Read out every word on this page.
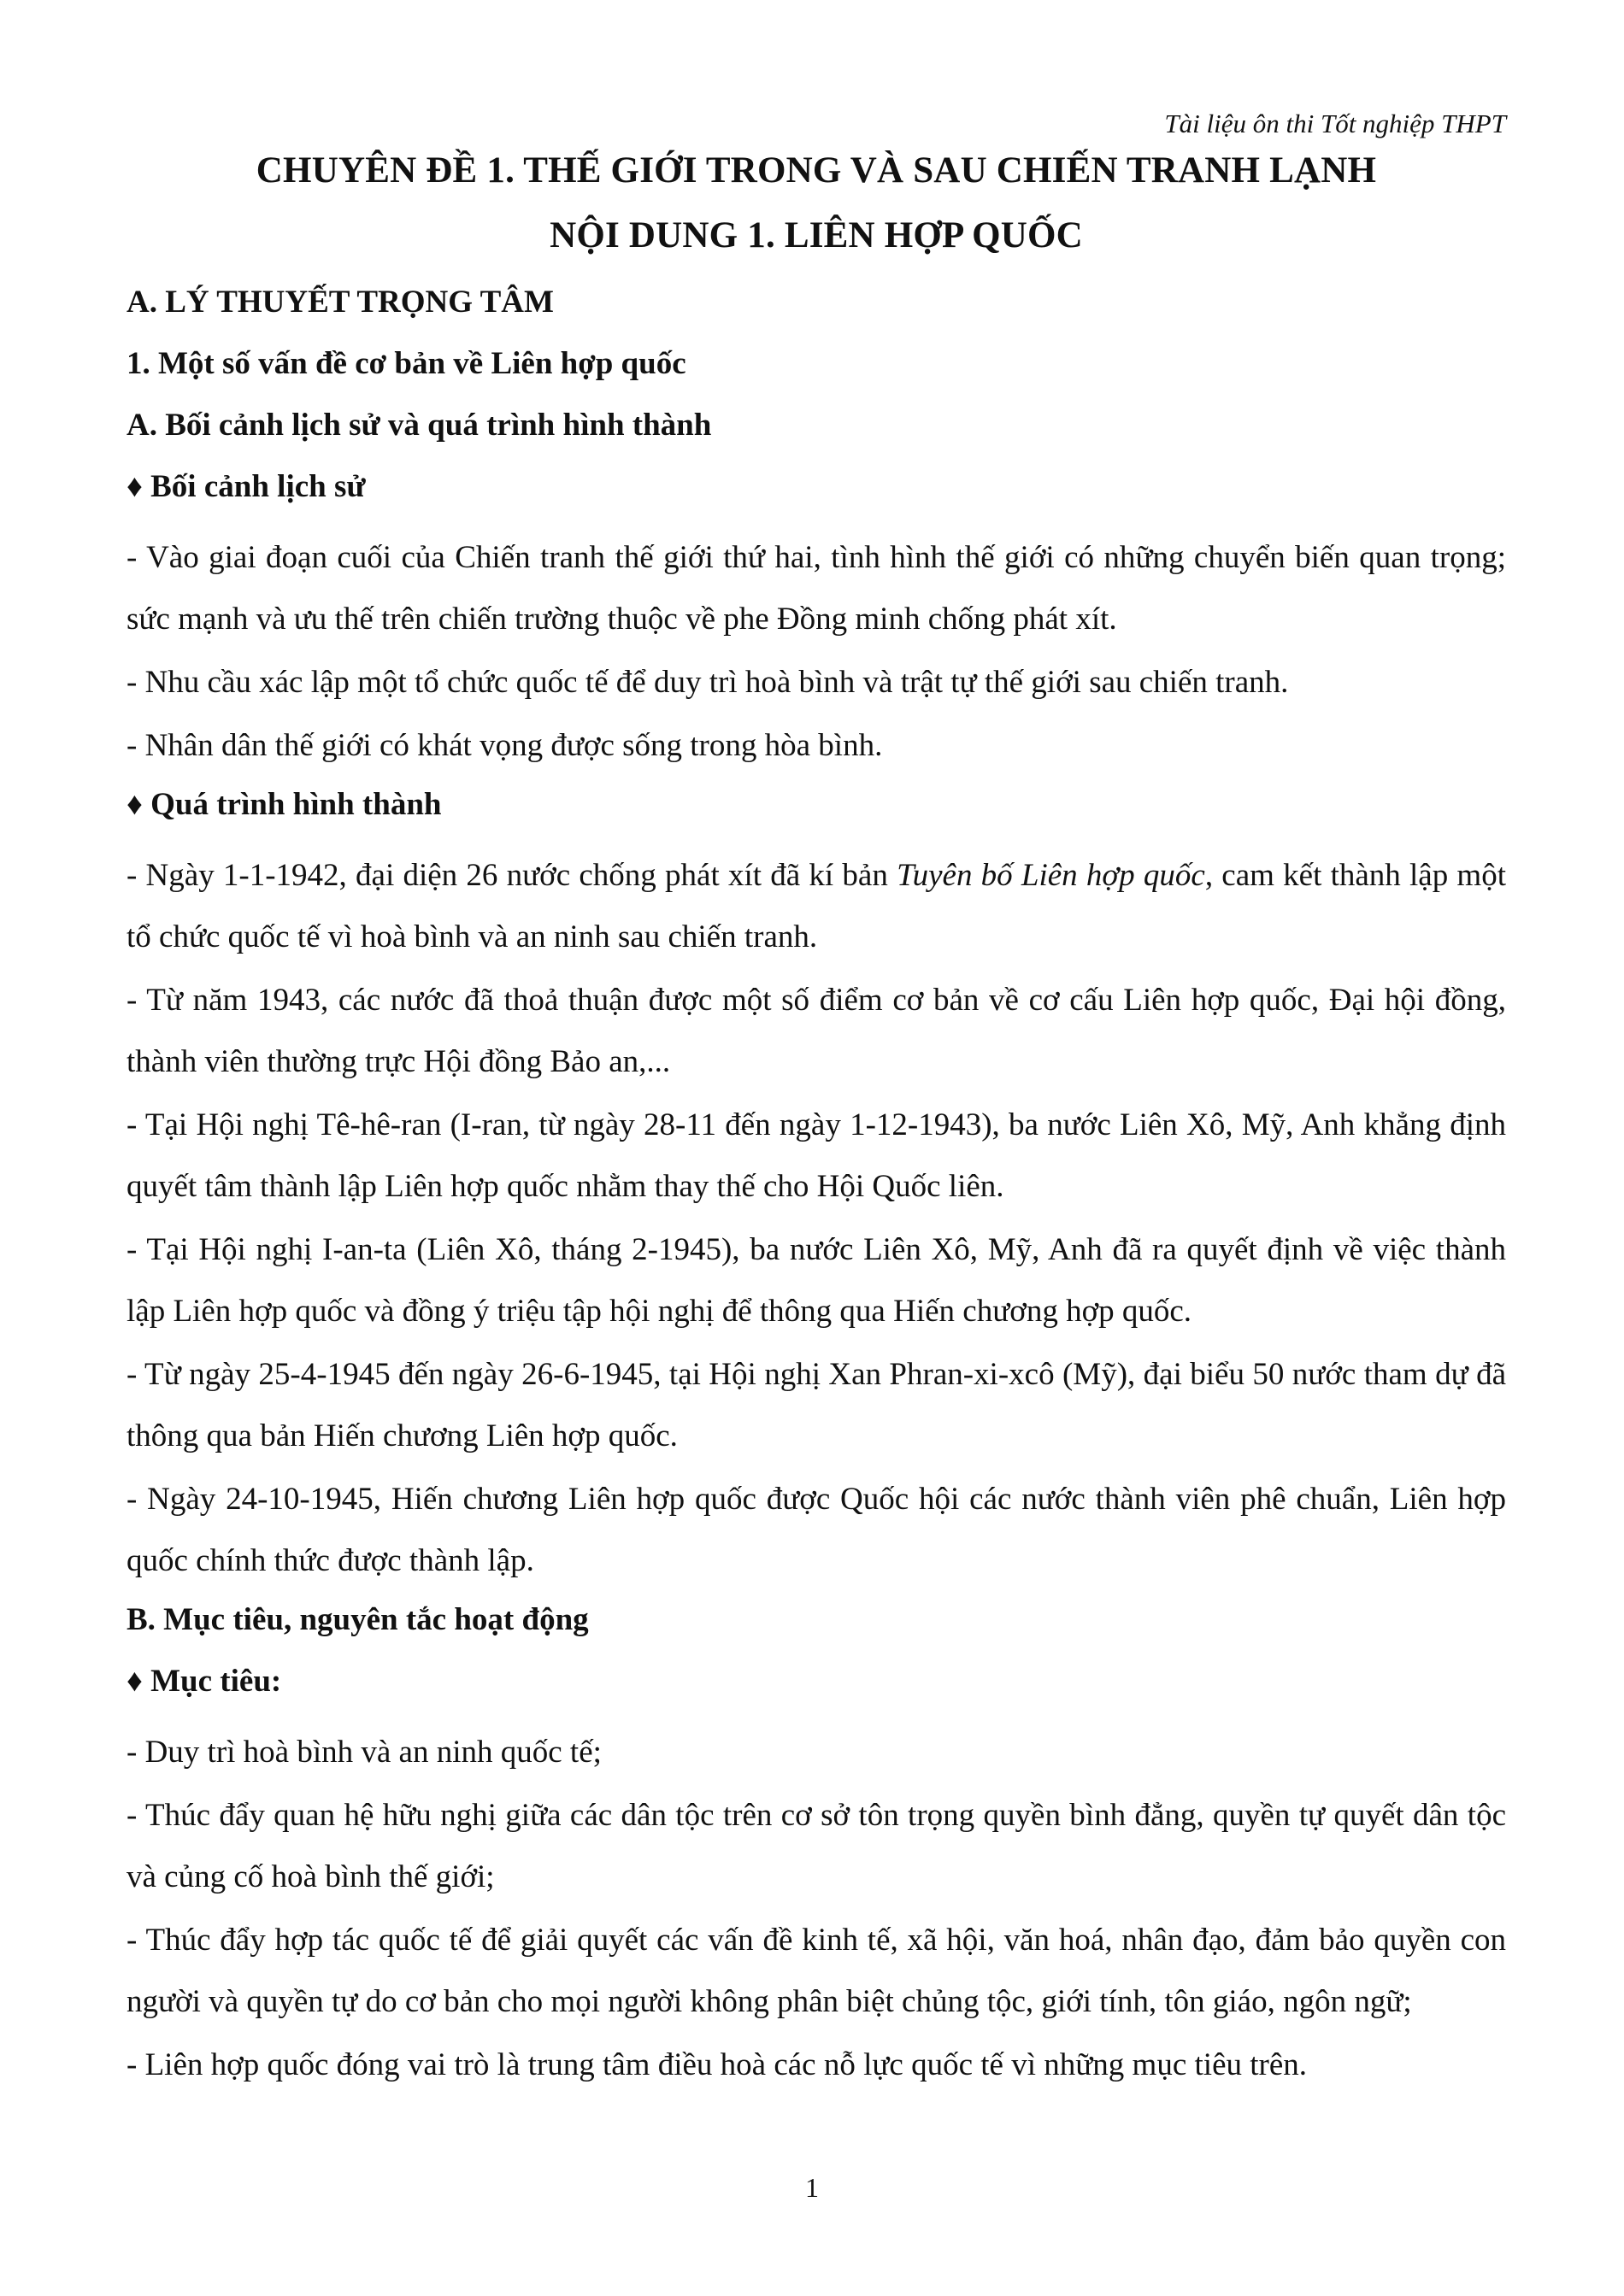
Tài liệu ôn thi Tốt nghiệp THPT

CHUYÊN ĐỀ 1. THẾ GIỚI TRONG VÀ SAU CHIẾN TRANH LẠNH
NỘI DUNG 1. LIÊN HỢP QUỐC
A. LÝ THUYẾT TRỌNG TÂM
1. Một số vấn đề cơ bản về Liên hợp quốc
A. Bối cảnh lịch sử và quá trình hình thành
♦ Bối cảnh lịch sử

- Vào giai đoạn cuối của Chiến tranh thế giới thứ hai, tình hình thế giới có những chuyển biến quan trọng; sức mạnh và ưu thế trên chiến trường thuộc về phe Đồng minh chống phát xít.

- Nhu cầu xác lập một tổ chức quốc tế để duy trì hoà bình và trật tự thế giới sau chiến tranh.

- Nhân dân thế giới có khát vọng được sống trong hòa bình.

♦ Quá trình hình thành

- Ngày 1-1-1942, đại diện 26 nước chống phát xít đã kí bản Tuyên bố Liên hợp quốc, cam kết thành lập một tổ chức quốc tế vì hoà bình và an ninh sau chiến tranh.

- Từ năm 1943, các nước đã thoả thuận được một số điểm cơ bản về cơ cấu Liên hợp quốc, Đại hội đồng, thành viên thường trực Hội đồng Bảo an,...

- Tại Hội nghị Tê-hê-ran (I-ran, từ ngày 28-11 đến ngày 1-12-1943), ba nước Liên Xô, Mỹ, Anh khẳng định quyết tâm thành lập Liên hợp quốc nhằm thay thế cho Hội Quốc liên.

- Tại Hội nghị I-an-ta (Liên Xô, tháng 2-1945), ba nước Liên Xô, Mỹ, Anh đã ra quyết định về việc thành lập Liên hợp quốc và đồng ý triệu tập hội nghị để thông qua Hiến chương hợp quốc.

- Từ ngày 25-4-1945 đến ngày 26-6-1945, tại Hội nghị Xan Phran-xi-xcô (Mỹ), đại biểu 50 nước tham dự đã thông qua bản Hiến chương Liên hợp quốc.

- Ngày 24-10-1945, Hiến chương Liên hợp quốc được Quốc hội các nước thành viên phê chuẩn, Liên hợp quốc chính thức được thành lập.

B. Mục tiêu, nguyên tắc hoạt động
♦ Mục tiêu:

- Duy trì hoà bình và an ninh quốc tế;

- Thúc đẩy quan hệ hữu nghị giữa các dân tộc trên cơ sở tôn trọng quyền bình đẳng, quyền tự quyết dân tộc và củng cố hoà bình thế giới;

- Thúc đẩy hợp tác quốc tế để giải quyết các vấn đề kinh tế, xã hội, văn hoá, nhân đạo, đảm bảo quyền con người và quyền tự do cơ bản cho mọi người không phân biệt chủng tộc, giới tính, tôn giáo, ngôn ngữ;

- Liên hợp quốc đóng vai trò là trung tâm điều hoà các nỗ lực quốc tế vì những mục tiêu trên.

1
